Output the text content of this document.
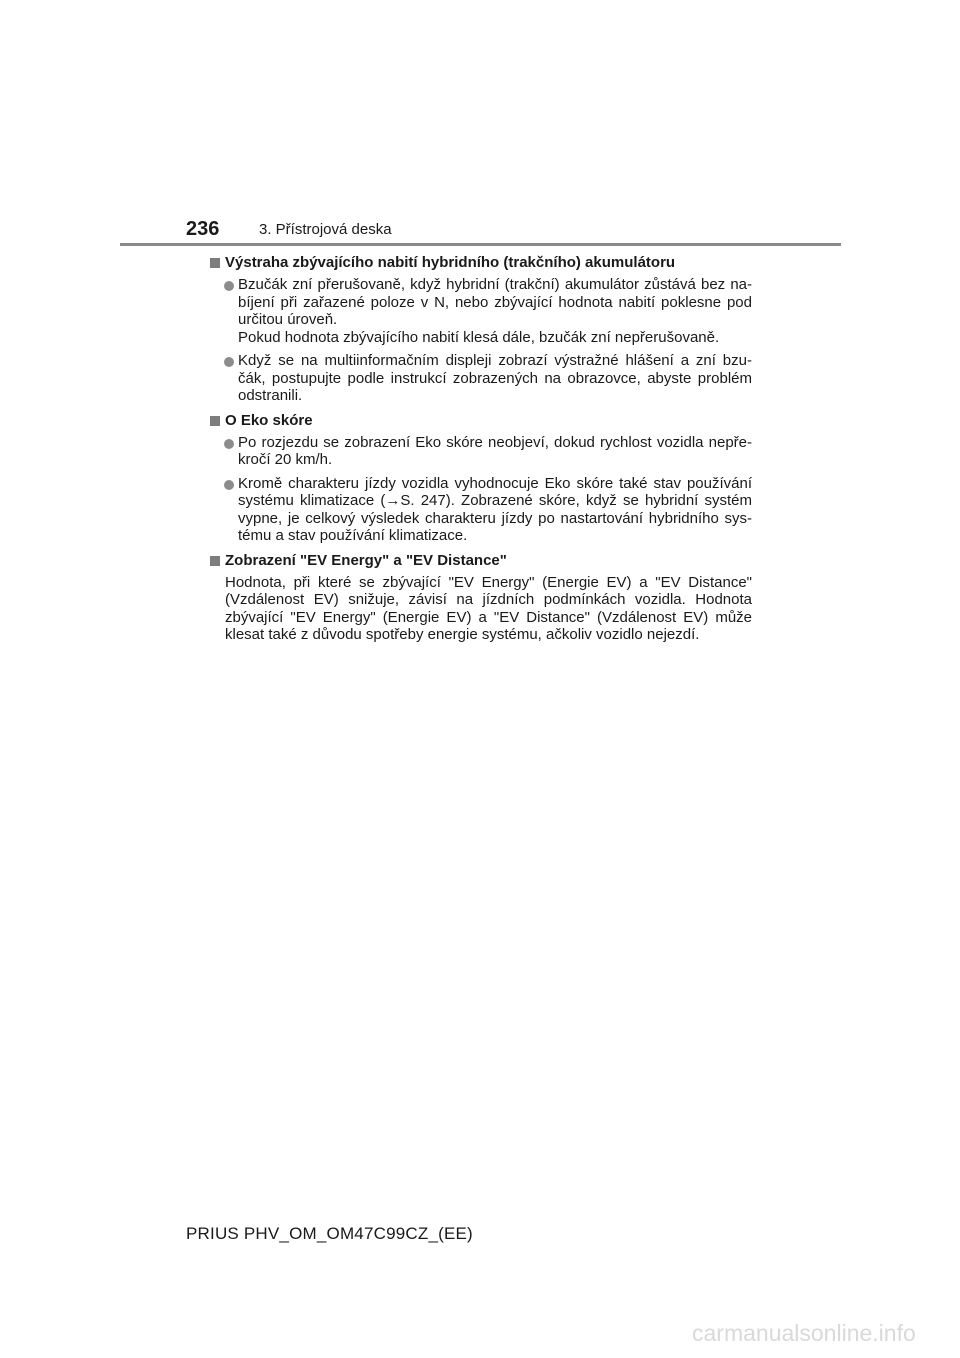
236	3. Přístrojová deska
Výstraha zbývajícího nabití hybridního (trakčního) akumulátoru

Bzučák zní přerušovaně, když hybridní (trakční) akumulátor zůstává bez na-bíjení při zařazené poloze v N, nebo zbývající hodnota nabití poklesne pod určitou úroveň.

Pokud hodnota zbývajícího nabití klesá dále, bzučák zní nepřerušovaně.

Když se na multiinformačním displeji zobrazí výstražné hlášení a zní bzu-čák, postupujte podle instrukcí zobrazených na obrazovce, abyste problém odstranili.

O Eko skóre

Po rozjezdu se zobrazení Eko skóre neobjeví, dokud rychlost vozidla nepře-kročí 20 km/h.

Kromě charakteru jízdy vozidla vyhodnocuje Eko skóre také stav používání systému klimatizace (→S. 247). Zobrazené skóre, když se hybridní systém vypne, je celkový výsledek charakteru jízdy po nastartování hybridního sys-tému a stav používání klimatizace.

Zobrazení "EV Energy" a "EV Distance"

Hodnota, při které se zbývající "EV Energy" (Energie EV) a "EV Distance" (Vzdálenost EV) snižuje, závisí na jízdních podmínkách vozidla. Hodnota zbývající "EV Energy" (Energie EV) a "EV Distance" (Vzdálenost EV) může klesat také z důvodu spotřeby energie systému, ačkoliv vozidlo nejezdí.

PRIUS PHV_OM_OM47C99CZ_(EE)
carmanualsonline.info
